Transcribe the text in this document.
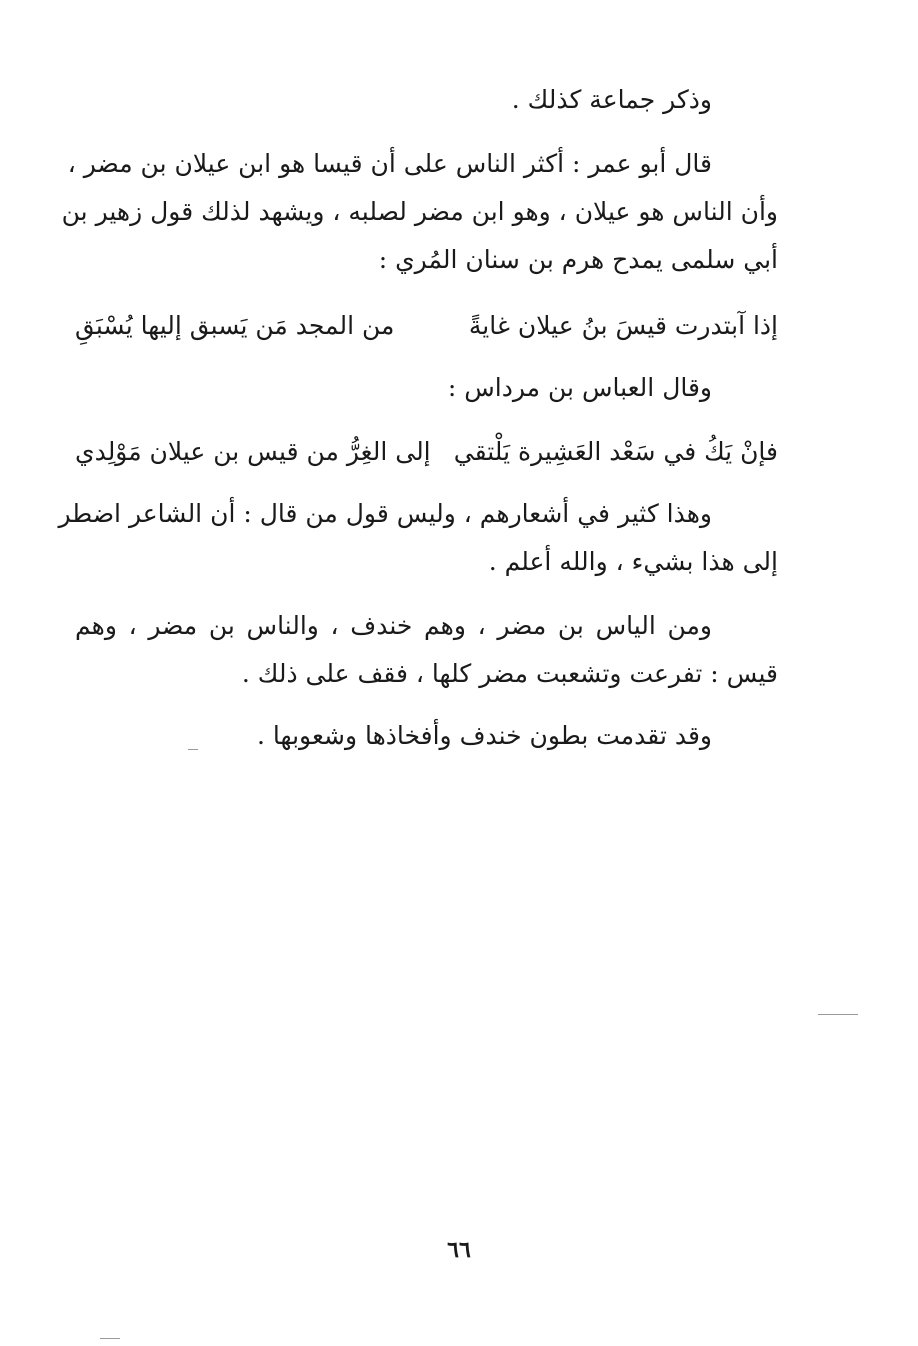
وذكر جماعة كذلك .
قال أبو عمر : أكثر الناس على أن قيسا هو ابن عيلان بن مضر ،
وأن الناس هو عيلان ، وهو ابن مضر لصلبه ، ويشهد لذلك قول زهير بن
أبي سلمى يمدح هرم بن سنان المُري :
إذا آبتدرت قيسَ بنُ عيلان غايةً
من المجد مَن يَسبق إليها يُسْبَقِ
وقال العباس بن مرداس :
فإنْ يَكُ في سَعْد العَشِيرة يَلْتقي
إلى الغِرُّ من قيس بن عيلان مَوْلِدي
وهذا كثير في أشعارهم ، وليس قول من قال : أن الشاعر اضطر
إلى هذا بشيء ، والله أعلم .
ومن الياس بن مضر ، وهم خندف ، والناس بن مضر ، وهم
قيس : تفرعت وتشعبت مضر كلها ، فقف على ذلك .
وقد تقدمت بطون خندف وأفخاذها وشعوبها .
٦٦
